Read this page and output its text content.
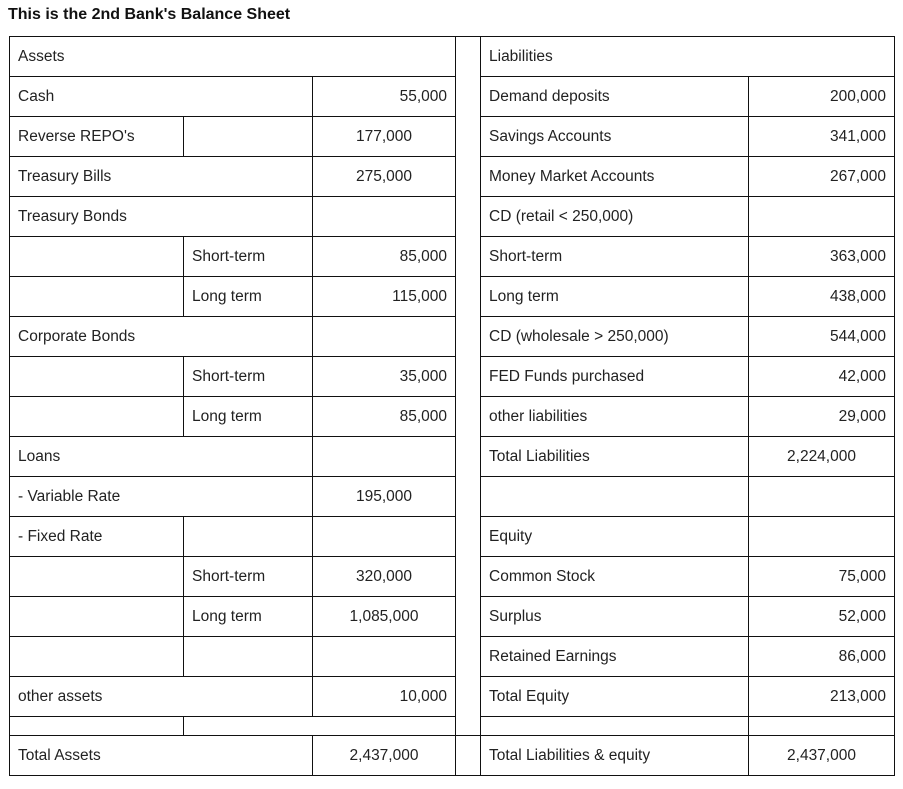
This is the 2nd Bank's Balance Sheet
Assets				Liabilities	
Cash		55,000		Demand deposits	200,000
Reverse REPO's		177,000		Savings Accounts	341,000
Treasury Bills		275,000		Money Market Accounts	267,000
Treasury Bonds				CD (retail < 250,000)	
	Short-term	85,000		Short-term	363,000
	Long term	115,000		Long term	438,000
Corporate Bonds				CD (wholesale > 250,000)	544,000
	Short-term	35,000		FED Funds purchased	42,000
	Long term	85,000		other liabilities	29,000
Loans				Total Liabilities	2,224,000
- Variable Rate		195,000			
- Fixed Rate				Equity	
	Short-term	320,000		Common Stock	75,000
	Long term	1,085,000		Surplus	52,000
				Retained Earnings	86,000
other assets		10,000		Total Equity	213,000

Total Assets		2,437,000		Total Liabilities & equity	2,437,000
